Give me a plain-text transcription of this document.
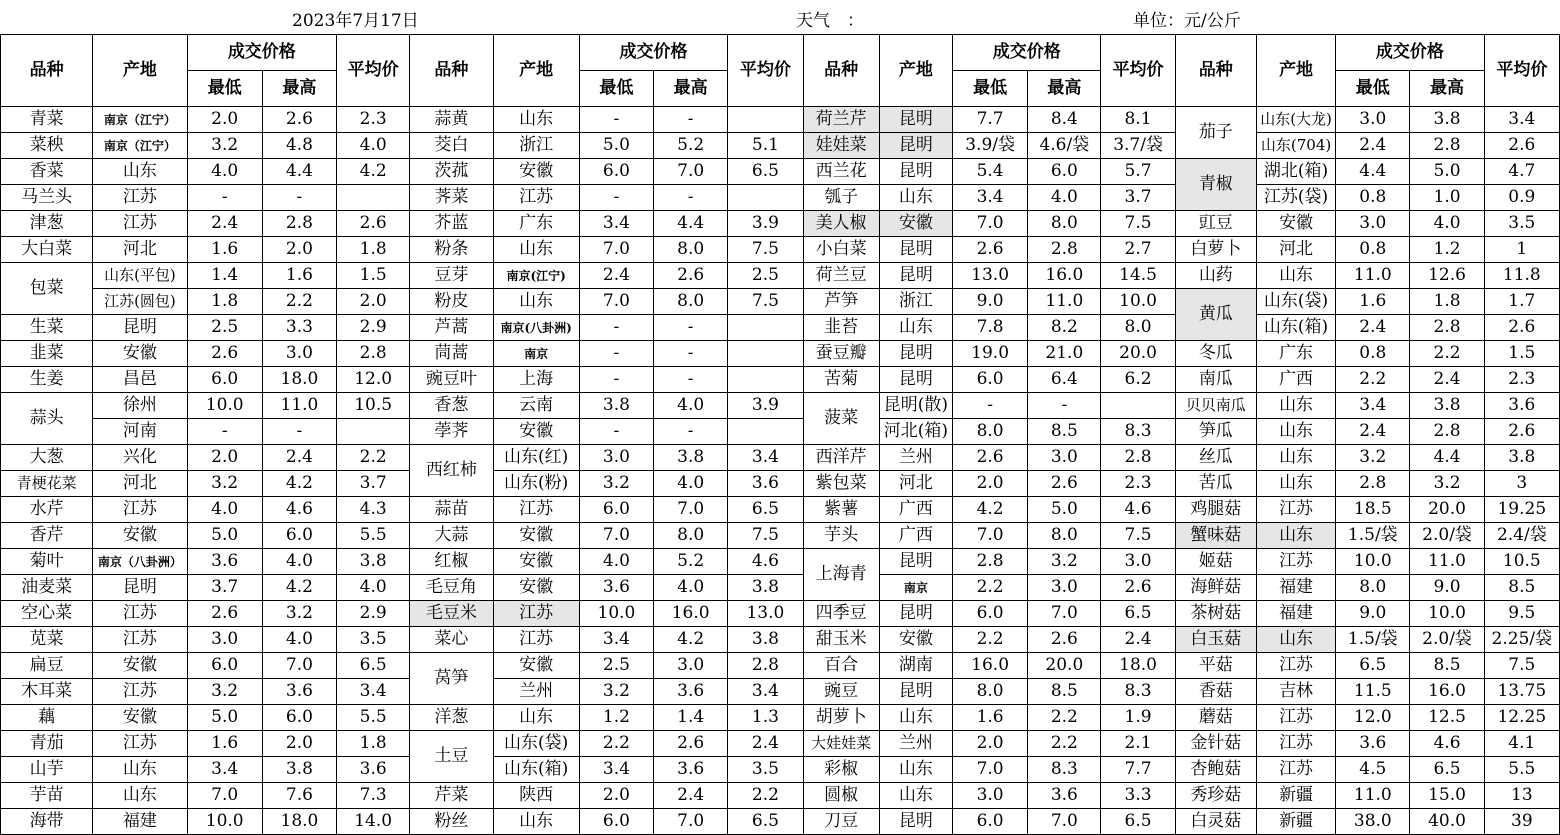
2023年7月17日	天气　：	单位：元/公斤
品种	产地	成交价格		平均价	品种	产地	成交价格		平均价	品种	产地	成交价格		平均价	品种	产地	成交价格		平均价
		最低	最高				最低	最高				最低	最高				最低	最高	
青菜	南京（江宁）	2.0	2.6	2.3	蒜黄	山东	-	-		荷兰芹	昆明	7.7	8.4	8.1	茄子	山东(大龙)	3.0	3.8	3.4
菜秧	南京（江宁）	3.2	4.8	4.0	茭白	浙江	5.0	5.2	5.1	娃娃菜	昆明	3.9/袋	4.6/袋	3.7/袋		山东(704)	2.4	2.8	2.6
香菜	山东	4.0	4.4	4.2	茨菰	安徽	6.0	7.0	6.5	西兰花	昆明	5.4	6.0	5.7	青椒	湖北(箱)	4.4	5.0	4.7
马兰头	江苏	-	-		荠菜	江苏	-	-		瓠子	山东	3.4	4.0	3.7		江苏(袋)	0.8	1.0	0.9
津葱	江苏	2.4	2.8	2.6	芥蓝	广东	3.4	4.4	3.9	美人椒	安徽	7.0	8.0	7.5	豇豆	安徽	3.0	4.0	3.5
大白菜	河北	1.6	2.0	1.8	粉条	山东	7.0	8.0	7.5	小白菜	昆明	2.6	2.8	2.7	白萝卜	河北	0.8	1.2	1
包菜	山东(平包)	1.4	1.6	1.5	豆芽	南京(江宁)	2.4	2.6	2.5	荷兰豆	昆明	13.0	16.0	14.5	山药	山东	11.0	12.6	11.8
	江苏(圆包)	1.8	2.2	2.0	粉皮	山东	7.0	8.0	7.5	芦笋	浙江	9.0	11.0	10.0	黄瓜	山东(袋)	1.6	1.8	1.7
生菜	昆明	2.5	3.3	2.9	芦蒿	南京(八卦洲)	-	-		韭苔	山东	7.8	8.2	8.0		山东(箱)	2.4	2.8	2.6
韭菜	安徽	2.6	3.0	2.8	茼蒿	南京	-	-		蚕豆瓣	昆明	19.0	21.0	20.0	冬瓜	广东	0.8	2.2	1.5
生姜	昌邑	6.0	18.0	12.0	豌豆叶	上海	-	-		苦菊	昆明	6.0	6.4	6.2	南瓜	广西	2.2	2.4	2.3
蒜头	徐州	10.0	11.0	10.5	香葱	云南	3.8	4.0	3.9	菠菜	昆明(散)	-	-		贝贝南瓜	山东	3.4	3.8	3.6
	河南	-	-		荸荠	安徽	-	-			河北(箱)	8.0	8.5	8.3	笋瓜	山东	2.4	2.8	2.6
大葱	兴化	2.0	2.4	2.2	西红柿	山东(红)	3.0	3.8	3.4	西洋芹	兰州	2.6	3.0	2.8	丝瓜	山东	3.2	4.4	3.8
青梗花菜	河北	3.2	4.2	3.7		山东(粉)	3.2	4.0	3.6	紫包菜	河北	2.0	2.6	2.3	苦瓜	山东	2.8	3.2	3
水芹	江苏	4.0	4.6	4.3	蒜苗	江苏	6.0	7.0	6.5	紫薯	广西	4.2	5.0	4.6	鸡腿菇	江苏	18.5	20.0	19.25
香芹	安徽	5.0	6.0	5.5	大蒜	安徽	7.0	8.0	7.5	芋头	广西	7.0	8.0	7.5	蟹味菇	山东	1.5/袋	2.0/袋	2.4/袋
菊叶	南京（八卦洲）	3.6	4.0	3.8	红椒	安徽	4.0	5.2	4.6	上海青	昆明	2.8	3.2	3.0	姬菇	江苏	10.0	11.0	10.5
油麦菜	昆明	3.7	4.2	4.0	毛豆角	安徽	3.6	4.0	3.8		南京	2.2	3.0	2.6	海鲜菇	福建	8.0	9.0	8.5
空心菜	江苏	2.6	3.2	2.9	毛豆米	江苏	10.0	16.0	13.0	四季豆	昆明	6.0	7.0	6.5	茶树菇	福建	9.0	10.0	9.5
苋菜	江苏	3.0	4.0	3.5	菜心	江苏	3.4	4.2	3.8	甜玉米	安徽	2.2	2.6	2.4	白玉菇	山东	1.5/袋	2.0/袋	2.25/袋
扁豆	安徽	6.0	7.0	6.5	莴笋	安徽	2.5	3.0	2.8	百合	湖南	16.0	20.0	18.0	平菇	江苏	6.5	8.5	7.5
木耳菜	江苏	3.2	3.6	3.4		兰州	3.2	3.6	3.4	豌豆	昆明	8.0	8.5	8.3	香菇	吉林	11.5	16.0	13.75
藕	安徽	5.0	6.0	5.5	洋葱	山东	1.2	1.4	1.3	胡萝卜	山东	1.6	2.2	1.9	蘑菇	江苏	12.0	12.5	12.25
青茄	江苏	1.6	2.0	1.8	土豆	山东(袋)	2.2	2.6	2.4	大娃娃菜	兰州	2.0	2.2	2.1	金针菇	江苏	3.6	4.6	4.1
山芋	山东	3.4	3.8	3.6		山东(箱)	3.4	3.6	3.5	彩椒	山东	7.0	8.3	7.7	杏鲍菇	江苏	4.5	6.5	5.5
芋苗	山东	7.0	7.6	7.3	芹菜	陕西	2.0	2.4	2.2	圆椒	山东	3.0	3.6	3.3	秀珍菇	新疆	11.0	15.0	13
海带	福建	10.0	18.0	14.0	粉丝	山东	6.0	7.0	6.5	刀豆	昆明	6.0	7.0	6.5	白灵菇	新疆	38.0	40.0	39
